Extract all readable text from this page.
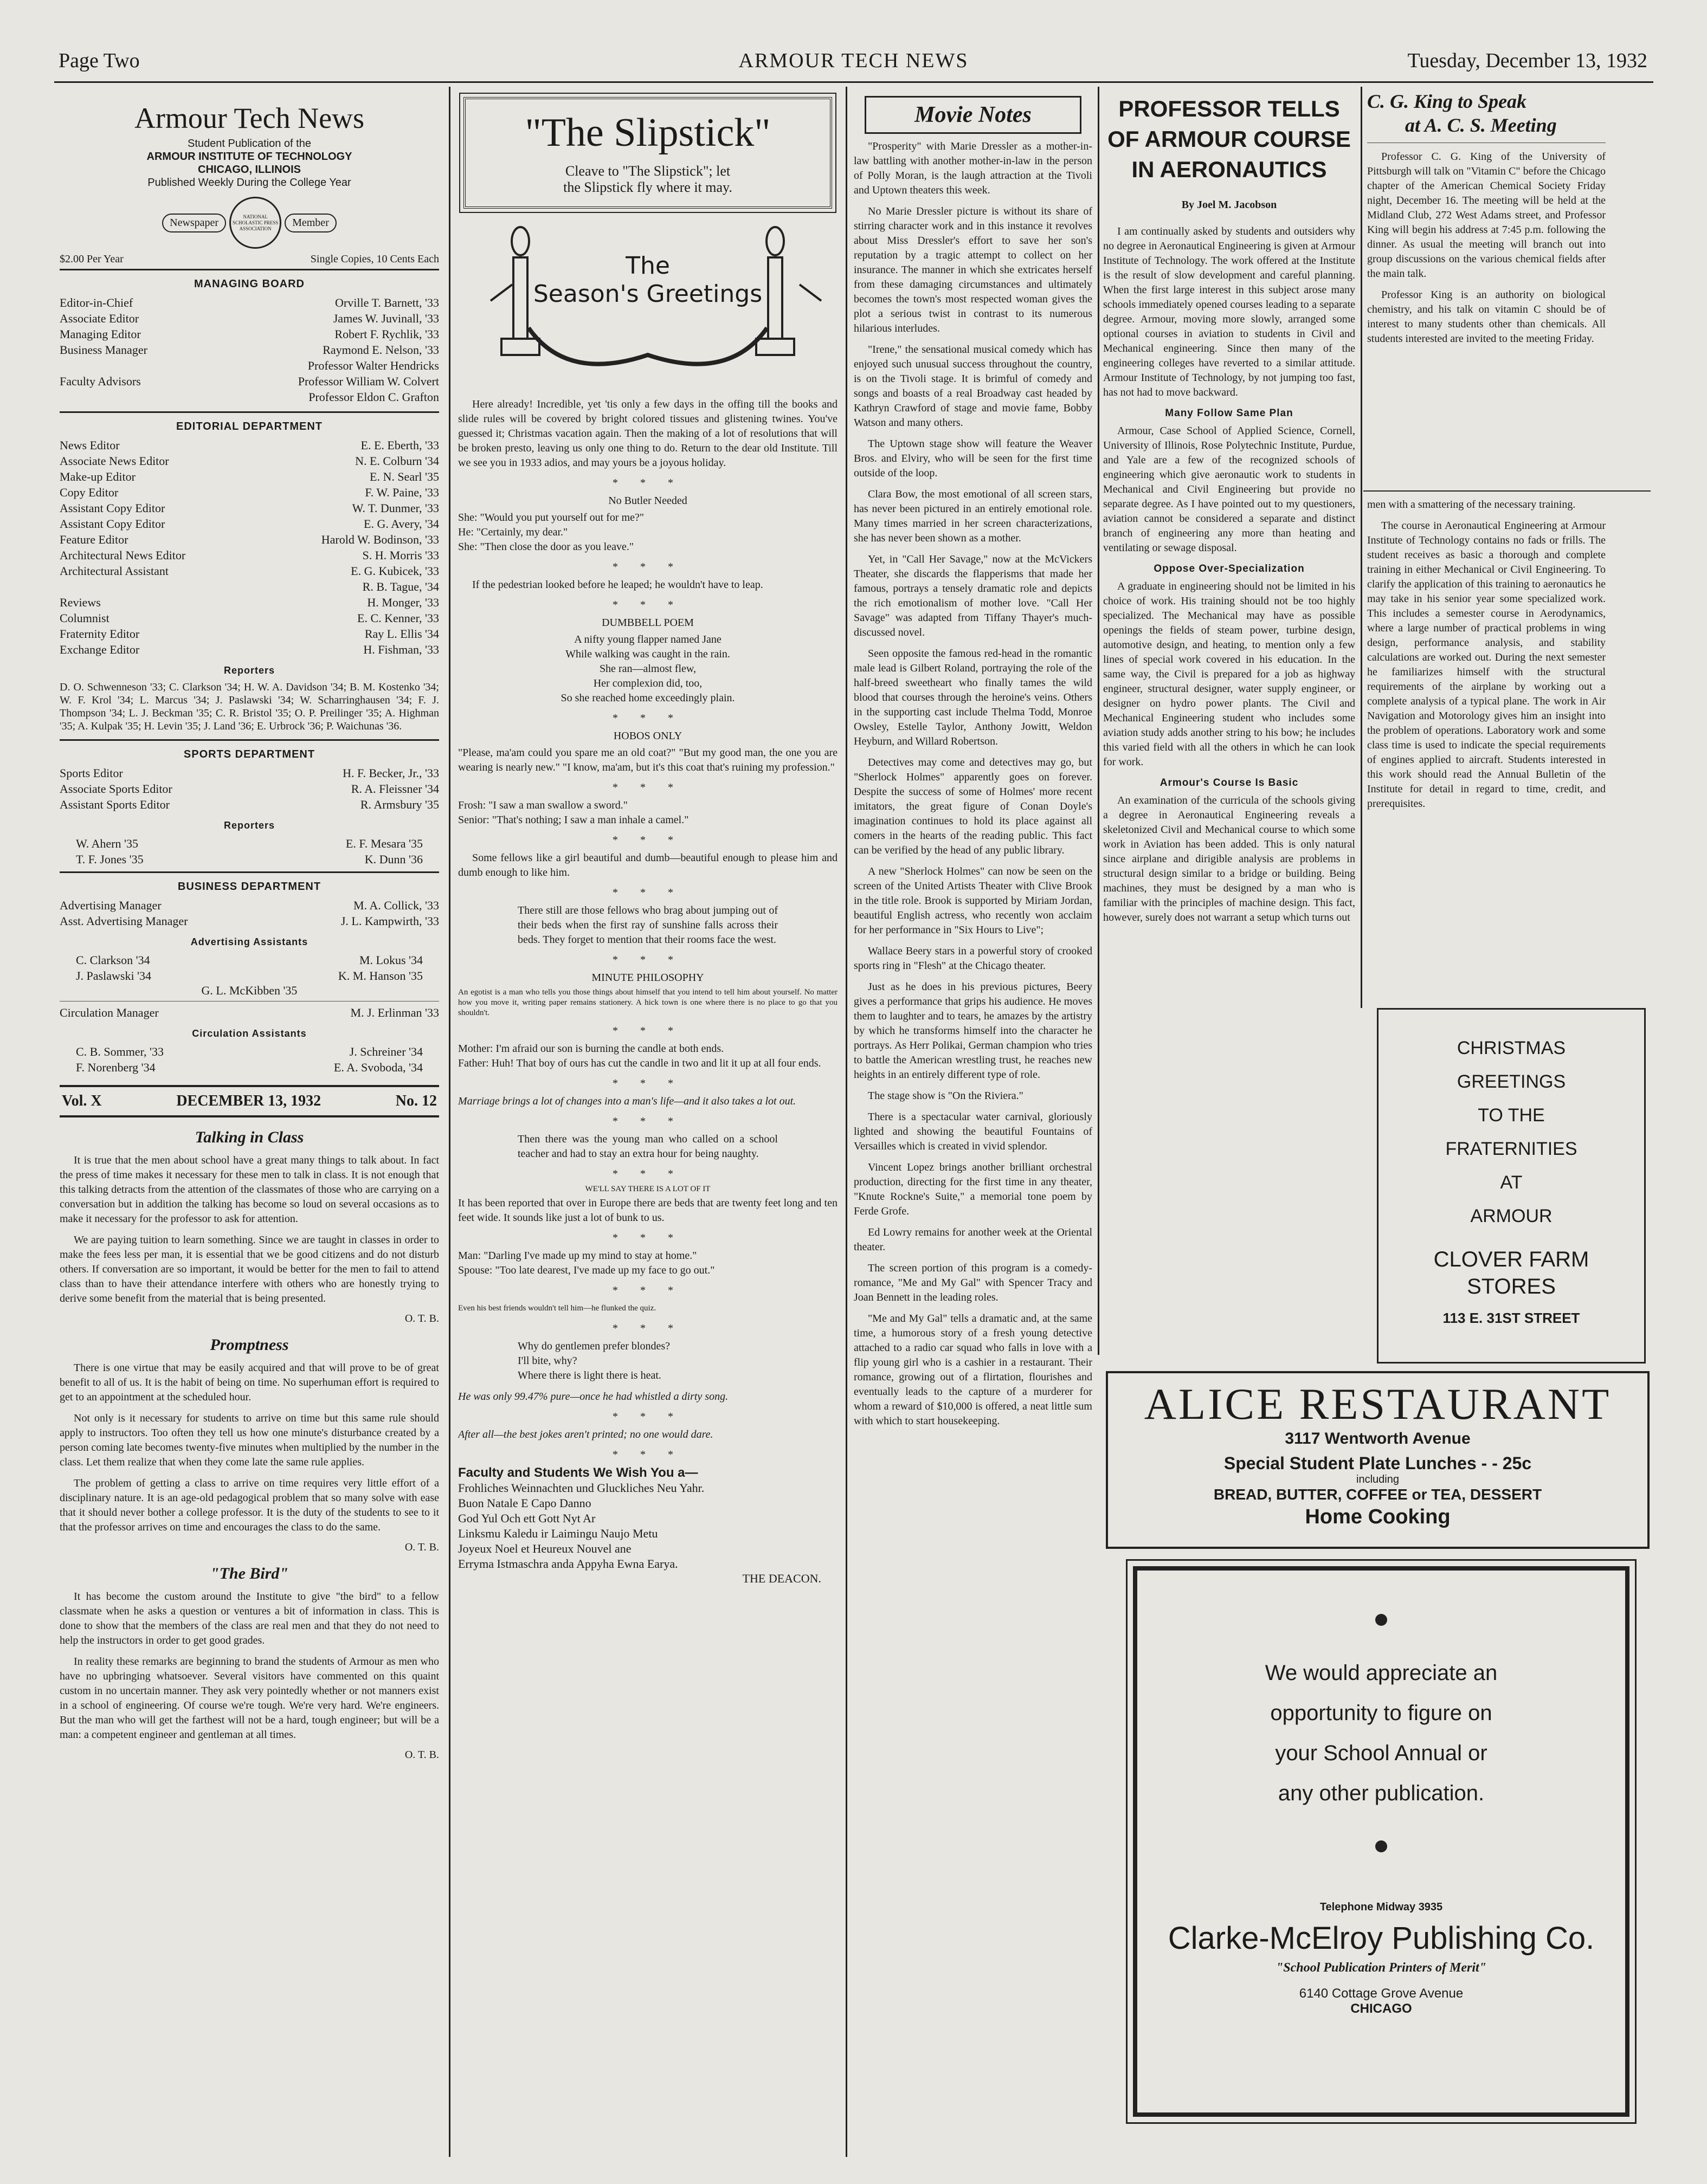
Page Two	ARMOUR TECH NEWS	Tuesday, December 13, 1932
Armour Tech News
Student Publication of the
ARMOUR INSTITUTE OF TECHNOLOGY
CHICAGO, ILLINOIS
Published Weekly During the College Year
Newspaper	NATIONAL SCHOLASTIC PRESS ASSOCIATION	Member
$2.00 Per Year	Single Copies, 10 Cents Each
MANAGING BOARD
Editor-in-Chief	Orville T. Barnett, '33
Associate Editor	James W. Juvinall, '33
Managing Editor	Robert F. Rychlik, '33
Business Manager	Raymond E. Nelson, '33
Professor Walter Hendricks
Faculty Advisors	Professor William W. Colvert
Professor Eldon C. Grafton
EDITORIAL DEPARTMENT
News Editor	E. E. Eberth, '33
Associate News Editor	N. E. Colburn '34
Make-up Editor	E. N. Searl '35
Copy Editor	F. W. Paine, '33
Assistant Copy Editor	W. T. Dunmer, '33
Assistant Copy Editor	E. G. Avery, '34
Feature Editor	Harold W. Bodinson, '33
Architectural News Editor	S. H. Morris '33
Architectural Assistant	E. G. Kubicek, '33
R. B. Tague, '34
Reviews	H. Monger, '33
Columnist	E. C. Kenner, '33
Fraternity Editor	Ray L. Ellis '34
Exchange Editor	H. Fishman, '33
Reporters

D. O. Schwenneson '33; C. Clarkson '34; H. W. A. Davidson '34; B. M. Kostenko '34; W. F. Krol '34; L. Marcus '34; J. Paslawski '34; W. Scharringhausen '34; F. J. Thompson '34; L. J. Beckman '35; C. R. Bristol '35; O. P. Preilinger '35; A. Highman '35; A. Kulpak '35; H. Levin '35; J. Land '36; E. Urbrock '36; P. Waichunas '36.

SPORTS DEPARTMENT
Sports Editor	H. F. Becker, Jr., '33
Associate Sports Editor	R. A. Fleissner '34
Assistant Sports Editor	R. Armsbury '35
Reporters
W. Ahern '35	E. F. Mesara '35
T. F. Jones '35	K. Dunn '36
BUSINESS DEPARTMENT
Advertising Manager	M. A. Collick, '33
Asst. Advertising Manager	J. L. Kampwirth, '33
Advertising Assistants
C. Clarkson '34	M. Lokus '34
J. Paslawski '34	K. M. Hanson '35
G. L. McKibben '35
Circulation Manager	M. J. Erlinman '33
Circulation Assistants
C. B. Sommer, '33	J. Schreiner '34
F. Norenberg '34	E. A. Svoboda, '34
Vol. X	DECEMBER 13, 1932	No. 12
Talking in Class

It is true that the men about school have a great many things to talk about. In fact the press of time makes it necessary for these men to talk in class. It is not enough that this talking detracts from the attention of the classmates of those who are carrying on a conversation but in addition the talking has become so loud on several occasions as to make it necessary for the professor to ask for attention.

We are paying tuition to learn something. Since we are taught in classes in order to make the fees less per man, it is essential that we be good citizens and do not disturb others. If conversation are so important, it would be better for the men to fail to attend class than to have their attendance interfere with others who are honestly trying to derive some benefit from the material that is being presented.

O. T. B.
Promptness

There is one virtue that may be easily acquired and that will prove to be of great benefit to all of us. It is the habit of being on time. No superhuman effort is required to get to an appointment at the scheduled hour.

Not only is it necessary for students to arrive on time but this same rule should apply to instructors. Too often they tell us how one minute's disturbance created by a person coming late becomes twenty-five minutes when multiplied by the number in the class. Let them realize that when they come late the same rule applies.

The problem of getting a class to arrive on time requires very little effort of a disciplinary nature. It is an age-old pedagogical problem that so many solve with ease that it should never bother a college professor. It is the duty of the students to see to it that the professor arrives on time and encourages the class to do the same.

O. T. B.
"The Bird"

It has become the custom around the Institute to give "the bird" to a fellow classmate when he asks a question or ventures a bit of information in class. This is done to show that the members of the class are real men and that they do not need to help the instructors in order to get good grades.

In reality these remarks are beginning to brand the students of Armour as men who have no upbringing whatsoever. Several visitors have commented on this quaint custom in no uncertain manner. They ask very pointedly whether or not manners exist in a school of engineering. Of course we're tough. We're very hard. We're engineers. But the man who will get the farthest will not be a hard, tough engineer; but will be a man: a competent engineer and gentleman at all times.

O. T. B.
"The Slipstick"
Cleave to "The Slipstick"; let
the Slipstick fly where it may.
The
Season's Greetings

Here already! Incredible, yet 'tis only a few days in the offing till the books and slide rules will be covered by bright colored tissues and glistening twines. You've guessed it; Christmas vacation again. Then the making of a lot of resolutions that will be broken presto, leaving us only one thing to do. Return to the dear old Institute. Till we see you in 1933 adios, and may yours be a joyous holiday.

* * *
No Butler Needed
She: "Would you put yourself out for me?"
He: "Certainly, my dear."
She: "Then close the door as you leave."
* * *

If the pedestrian looked before he leaped; he wouldn't have to leap.

* * *
DUMBBELL POEM
A nifty young flapper named Jane
While walking was caught in the rain.
She ran—almost flew,
Her complexion did, too,
So she reached home exceedingly plain.
* * *
HOBOS ONLY

"Please, ma'am could you spare me an old coat?" "But my good man, the one you are wearing is nearly new." "I know, ma'am, but it's this coat that's ruining my profession."

* * *
Frosh: "I saw a man swallow a sword."
Senior: "That's nothing; I saw a man inhale a camel."
* * *

Some fellows like a girl beautiful and dumb—beautiful enough to please him and dumb enough to like him.

* * *

There still are those fellows who brag about jumping out of their beds when the first ray of sunshine falls across their beds. They forget to mention that their rooms face the west.

* * *
MINUTE PHILOSOPHY

An egotist is a man who tells you those things about himself that you intend to tell him about yourself. No matter how you move it, writing paper remains stationery. A hick town is one where there is no place to go that you shouldn't.

* * *

Mother: I'm afraid our son is burning the candle at both ends.

Father: Huh! That boy of ours has cut the candle in two and lit it up at all four ends.

* * *

Marriage brings a lot of changes into a man's life—and it also takes a lot out.

* * *

Then there was the young man who called on a school teacher and had to stay an extra hour for being naughty.

* * *
WE'LL SAY THERE IS A LOT OF IT

It has been reported that over in Europe there are beds that are twenty feet long and ten feet wide. It sounds like just a lot of bunk to us.

* * *

Man: "Darling I've made up my mind to stay at home."

Spouse: "Too late dearest, I've made up my face to go out."

* * *
Even his best friends wouldn't tell him—he flunked the quiz.
* * *
Why do gentlemen prefer blondes?
I'll bite, why?
Where there is light there is heat.

He was only 99.47% pure—once he had whistled a dirty song.

* * *

After all—the best jokes aren't printed; no one would dare.

* * *
Faculty and Students We Wish You a—
Frohliches Weinnachten und Gluckliches Neu Yahr.
Buon Natale E Capo Danno
God Yul Och ett Gott Nyt Ar
Linksmu Kaledu ir Laimingu Naujo Metu
Joyeux Noel et Heureux Nouvel ane
Erryma Istmaschra anda Appyha Ewna Earya.
THE DEACON.
Movie Notes

"Prosperity" with Marie Dressler as a mother-in-law battling with another mother-in-law in the person of Polly Moran, is the laugh attraction at the Tivoli and Uptown theaters this week.

No Marie Dressler picture is without its share of stirring character work and in this instance it revolves about Miss Dressler's effort to save her son's reputation by a tragic attempt to collect on her insurance. The manner in which she extricates herself from these damaging circumstances and ultimately becomes the town's most respected woman gives the plot a serious twist in contrast to its numerous hilarious interludes.

"Irene," the sensational musical comedy which has enjoyed such unusual success throughout the country, is on the Tivoli stage. It is brimful of comedy and songs and boasts of a real Broadway cast headed by Kathryn Crawford of stage and movie fame, Bobby Watson and many others.

The Uptown stage show will feature the Weaver Bros. and Elviry, who will be seen for the first time outside of the loop.

Clara Bow, the most emotional of all screen stars, has never been pictured in an entirely emotional role. Many times married in her screen characterizations, she has never been shown as a mother.

Yet, in "Call Her Savage," now at the McVickers Theater, she discards the flapperisms that made her famous, portrays a tensely dramatic role and depicts the rich emotionalism of mother love. "Call Her Savage" was adapted from Tiffany Thayer's much-discussed novel.

Seen opposite the famous red-head in the romantic male lead is Gilbert Roland, portraying the role of the half-breed sweetheart who finally tames the wild blood that courses through the heroine's veins. Others in the supporting cast include Thelma Todd, Monroe Owsley, Estelle Taylor, Anthony Jowitt, Weldon Heyburn, and Willard Robertson.

Detectives may come and detectives may go, but "Sherlock Holmes" apparently goes on forever. Despite the success of some of Holmes' more recent imitators, the great figure of Conan Doyle's imagination continues to hold its place against all comers in the hearts of the reading public. This fact can be verified by the head of any public library.

A new "Sherlock Holmes" can now be seen on the screen of the United Artists Theater with Clive Brook in the title role. Brook is supported by Miriam Jordan, beautiful English actress, who recently won acclaim for her performance in "Six Hours to Live";

Wallace Beery stars in a powerful story of crooked sports ring in "Flesh" at the Chicago theater.

Just as he does in his previous pictures, Beery gives a performance that grips his audience. He moves them to laughter and to tears, he amazes by the artistry by which he transforms himself into the character he portrays. As Herr Polikai, German champion who tries to battle the American wrestling trust, he reaches new heights in an entirely different type of role.

The stage show is "On the Riviera."

There is a spectacular water carnival, gloriously lighted and showing the beautiful Fountains of Versailles which is created in vivid splendor.

Vincent Lopez brings another brilliant orchestral production, directing for the first time in any theater, "Knute Rockne's Suite," a memorial tone poem by Ferde Grofe.

Ed Lowry remains for another week at the Oriental theater.

The screen portion of this program is a comedy-romance, "Me and My Gal" with Spencer Tracy and Joan Bennett in the leading roles.

"Me and My Gal" tells a dramatic and, at the same time, a humorous story of a fresh young detective attached to a radio car squad who falls in love with a flip young girl who is a cashier in a restaurant. Their romance, growing out of a flirtation, flourishes and eventually leads to the capture of a murderer for whom a reward of $10,000 is offered, a neat little sum with which to start housekeeping.

PROFESSOR TELLS
OF ARMOUR COURSE
IN AERONAUTICS
By Joel M. Jacobson

I am continually asked by students and outsiders why no degree in Aeronautical Engineering is given at Armour Institute of Technology. The work offered at the Institute is the result of slow development and careful planning. When the first large interest in this subject arose many schools immediately opened courses leading to a separate degree. Armour, moving more slowly, arranged some optional courses in aviation to students in Civil and Mechanical engineering. Since then many of the engineering colleges have reverted to a similar attitude. Armour Institute of Technology, by not jumping too fast, has not had to move backward.

Many Follow Same Plan

Armour, Case School of Applied Science, Cornell, University of Illinois, Rose Polytechnic Institute, Purdue, and Yale are a few of the recognized schools of engineering which give aeronautic work to students in Mechanical and Civil Engineering but provide no separate degree. As I have pointed out to my questioners, aviation cannot be considered a separate and distinct branch of engineering any more than heating and ventilating or sewage disposal.

Oppose Over-Specialization

A graduate in engineering should not be limited in his choice of work. His training should not be too highly specialized. The Mechanical may have as possible openings the fields of steam power, turbine design, automotive design, and heating, to mention only a few lines of special work covered in his education. In the same way, the Civil is prepared for a job as highway engineer, structural designer, water supply engineer, or designer on hydro power plants. The Civil and Mechanical Engineering student who includes some aviation study adds another string to his bow; he includes this varied field with all the others in which he can look for work.

Armour's Course Is Basic

An examination of the curricula of the schools giving a degree in Aeronautical Engineering reveals a skeletonized Civil and Mechanical course to which some work in Aviation has been added. This is only natural since airplane and dirigible analysis are problems in structural design similar to a bridge or building. Being machines, they must be designed by a man who is familiar with the principles of machine design. This fact, however, surely does not warrant a setup which turns out

C. G. King to Speak
at A. C. S. Meeting

Professor C. G. King of the University of Pittsburgh will talk on "Vitamin C" before the Chicago chapter of the American Chemical Society Friday night, December 16. The meeting will be held at the Midland Club, 272 West Adams street, and Professor King will begin his address at 7:45 p.m. following the dinner. As usual the meeting will branch out into group discussions on the various chemical fields after the main talk.

Professor King is an authority on biological chemistry, and his talk on vitamin C should be of interest to many students other than chemicals. All students interested are invited to the meeting Friday.

men with a smattering of the necessary training.

The course in Aeronautical Engineering at Armour Institute of Technology contains no fads or frills. The student receives as basic a thorough and complete training in either Mechanical or Civil Engineering. To clarify the application of this training to aeronautics he may take in his senior year some specialized work. This includes a semester course in Aerodynamics, where a large number of practical problems in wing design, performance analysis, and stability calculations are worked out. During the next semester he familiarizes himself with the structural requirements of the airplane by working out a complete analysis of a typical plane. The work in Air Navigation and Motorology gives him an insight into the problem of operations. Laboratory work and some class time is used to indicate the special requirements of engines applied to aircraft. Students interested in this work should read the Annual Bulletin of the Institute for detail in regard to time, credit, and prerequisites.

CHRISTMAS
GREETINGS
TO THE
FRATERNITIES
AT
ARMOUR
CLOVER FARM
STORES
113 E. 31ST STREET
ALICE RESTAURANT
3117 Wentworth Avenue
Special Student Plate Lunches - - 25c
including
BREAD, BUTTER, COFFEE or TEA, DESSERT
Home Cooking
We would appreciate an
opportunity to figure on
your School Annual or
any other publication.
Telephone Midway 3935
Clarke-McElroy Publishing Co.
"School Publication Printers of Merit"
6140 Cottage Grove Avenue
CHICAGO
